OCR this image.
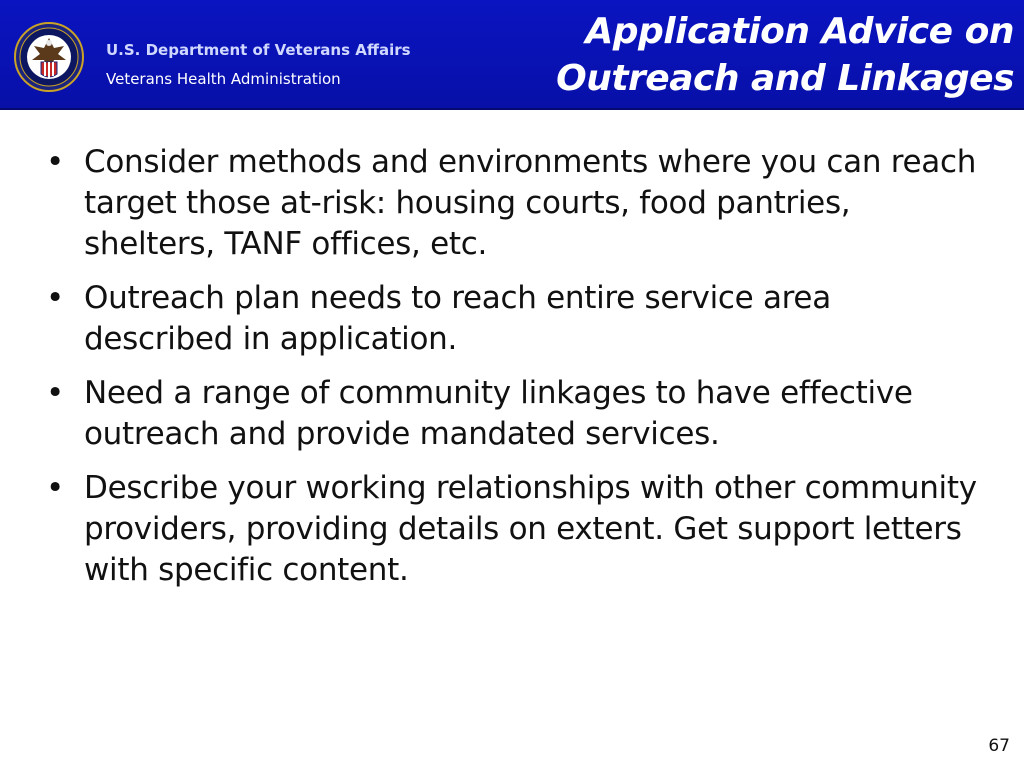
U.S. Department of Veterans Affairs
Veterans Health Administration
Application Advice on
Outreach and Linkages
• Consider methods and environments where you can reach target those at-risk: housing courts, food pantries, shelters, TANF offices, etc.
• Outreach plan needs to reach entire service area described in application.
• Need a range of community linkages to have effective outreach and provide mandated services.
• Describe your working relationships with other community providers, providing details on extent. Get support letters with specific content.
67
